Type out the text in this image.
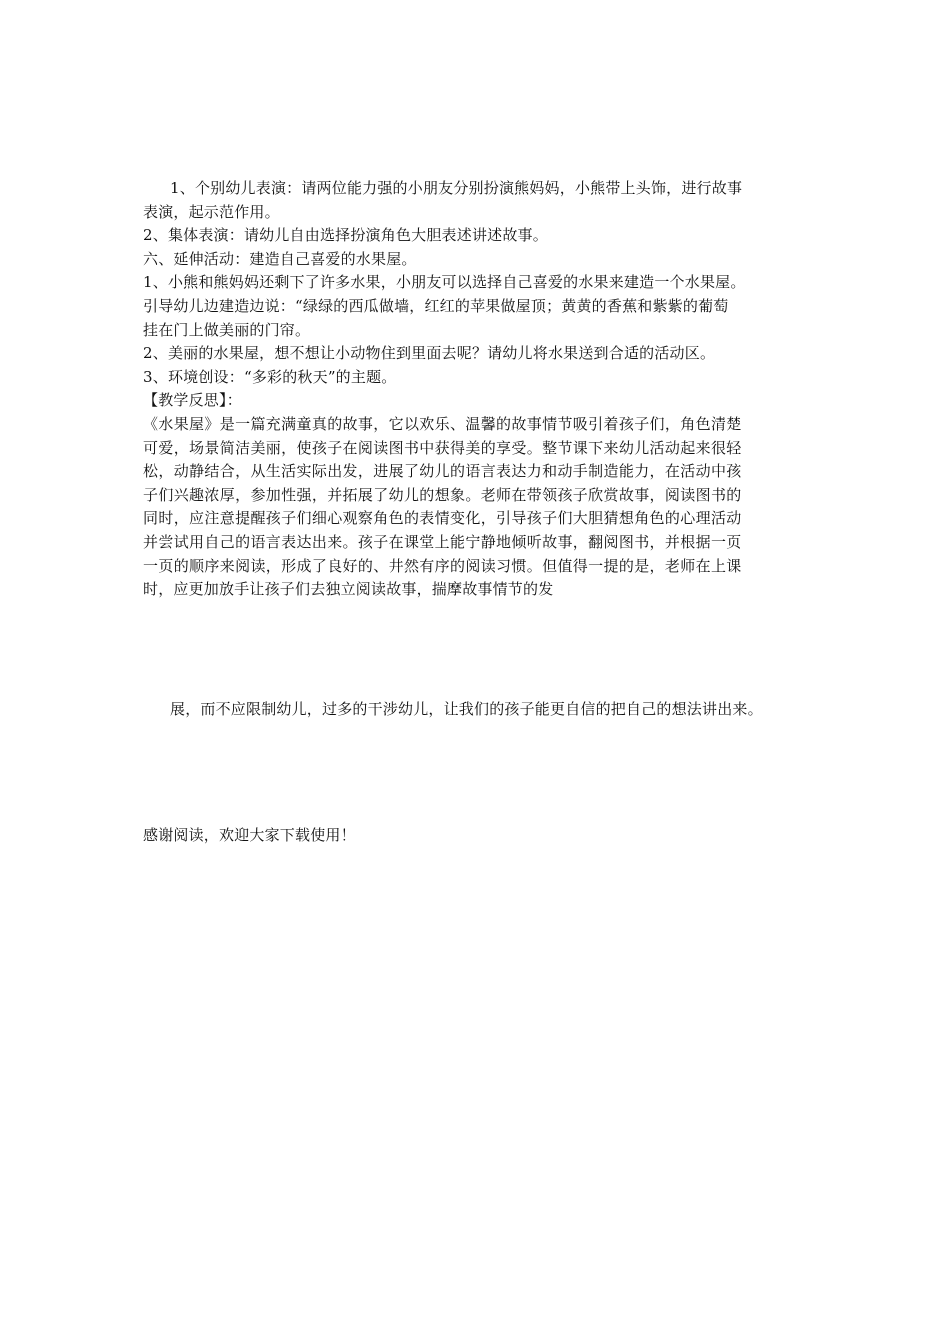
1、个别幼儿表演：请两位能力强的小朋友分别扮演熊妈妈，小熊带上头饰，进行故事

表演，起示范作用。

2、集体表演：请幼儿自由选择扮演角色大胆表述讲述故事。

六、延伸活动：建造自己喜爱的水果屋。

1、小熊和熊妈妈还剩下了许多水果，小朋友可以选择自己喜爱的水果来建造一个水果屋。

引导幼儿边建造边说：“绿绿的西瓜做墙，红红的苹果做屋顶；黄黄的香蕉和紫紫的葡萄

挂在门上做美丽的门帘。

2、美丽的水果屋，想不想让小动物住到里面去呢？请幼儿将水果送到合适的活动区。

3、环境创设：“多彩的秋天”的主题。

【教学反思】：

《水果屋》是一篇充满童真的故事，它以欢乐、温馨的故事情节吸引着孩子们，角色清楚

可爱，场景简洁美丽，使孩子在阅读图书中获得美的享受。整节课下来幼儿活动起来很轻

松，动静结合，从生活实际出发，进展了幼儿的语言表达力和动手制造能力，在活动中孩

子们兴趣浓厚，参加性强，并拓展了幼儿的想象。老师在带领孩子欣赏故事，阅读图书的

同时，应注意提醒孩子们细心观察角色的表情变化，引导孩子们大胆猜想角色的心理活动

并尝试用自己的语言表达出来。孩子在课堂上能宁静地倾听故事，翻阅图书，并根据一页

一页的顺序来阅读，形成了良好的、井然有序的阅读习惯。但值得一提的是，老师在上课

时，应更加放手让孩子们去独立阅读故事，揣摩故事情节的发

展，而不应限制幼儿，过多的干涉幼儿，让我们的孩子能更自信的把自己的想法讲出来。

感谢阅读，欢迎大家下载使用！
